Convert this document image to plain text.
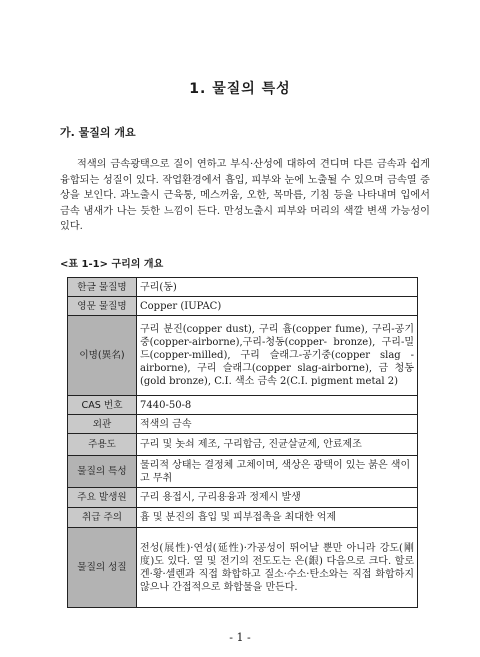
1. 물질의 특성
가. 물질의 개요
적색의 금속광택으로 질이 연하고 부식·산성에 대하여 견디며 다른 금속과 쉽게 융합되는 성질이 있다. 작업환경에서 흡입, 피부와 눈에 노출될 수 있으며 금속열 증상을 보인다. 과노출시 근육통, 메스꺼움, 오한, 목마름, 기침 등을 나타내며 입에서 금속 냄새가 나는 듯한 느낌이 든다. 만성노출시 피부와 머리의 색깔 변색 가능성이 있다.
<표 1-1> 구리의 개요
한글 물질명	구리(동)
영문 물질명	Copper (IUPAC)
이명(異名)	구리 분진(copper dust), 구리 흄(copper fume), 구리-공기중(copper-airborne),구리-청동(copper- bronze), 구리-밀드(copper-milled), 구리 슬래그-공기중(copper slag -airborne), 구리 슬래그(copper slag-airborne), 금 청동(gold bronze), C.I. 색소 금속 2(C.I. pigment metal 2)
CAS 번호	7440-50-8
외관	적색의 금속
주용도	구리 및 놋쇠 제조, 구리합금, 진균살균제, 안료제조
물질의 특성	물리적 상태는 결정체 고체이며, 색상은 광택이 있는 붉은 색이고 무취
주요 발생원	구리 용접시, 구리용융과 정제시 발생
취급 주의	흄 및 분진의 흡입 및 피부접촉을 최대한 억제
물질의 성질	전성(展性)·연성(延性)·가공성이 뛰어날 뿐만 아니라 강도(剛度)도 있다. 열 및 전기의 전도도는 은(銀) 다음으로 크다. 할로겐·황·셀렌과 직접 화합하고 질소·수소·탄소와는 직접 화합하지 않으나 간접적으로 화합물을 만든다.
- 1 -
